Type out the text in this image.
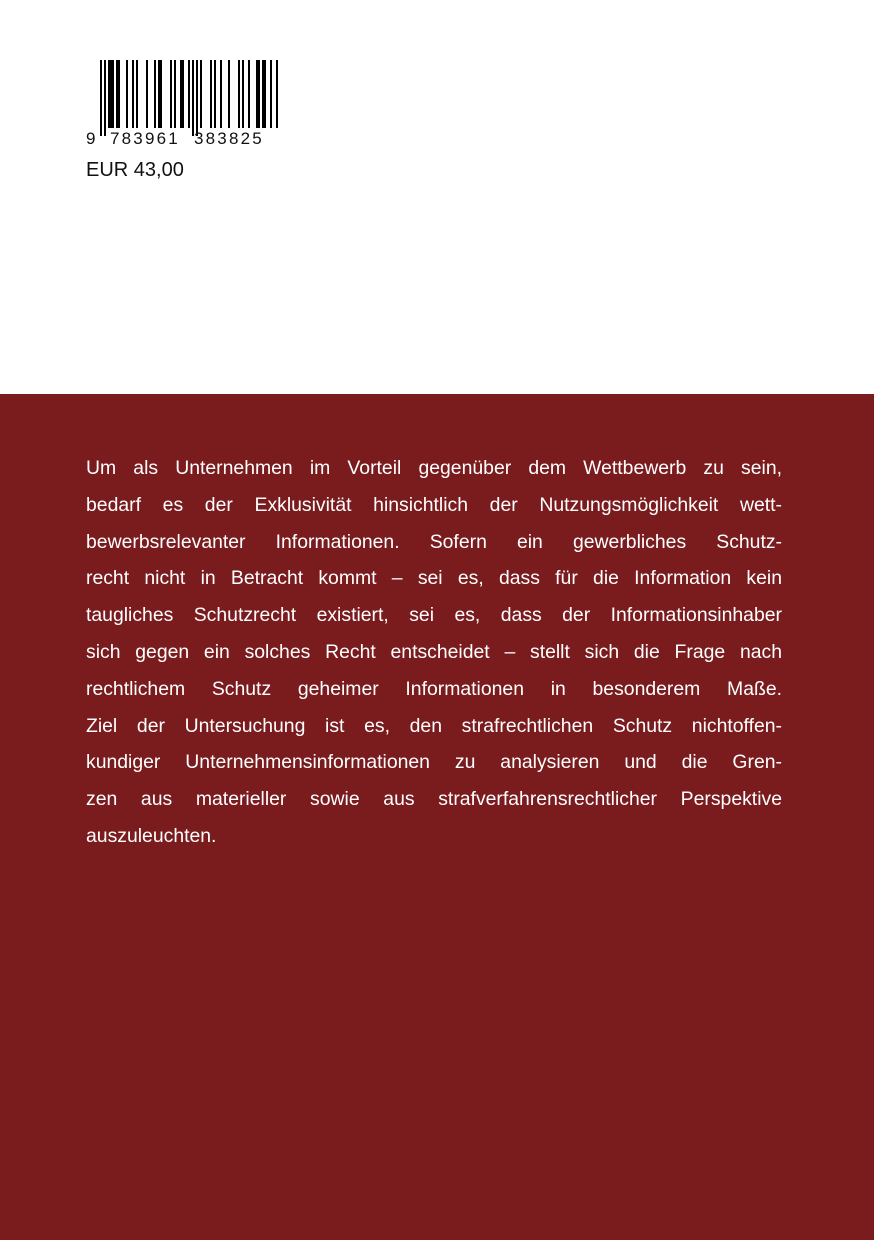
9 783961 383825
EUR 43,00
Um als Unternehmen im Vorteil gegenüber dem Wettbewerb zu sein,
bedarf es der Exklusivität hinsichtlich der Nutzungsmöglichkeit wett-
bewerbsrelevanter Informationen. Sofern ein gewerbliches Schutz-
recht nicht in Betracht kommt – sei es, dass für die Information kein
taugliches Schutzrecht existiert, sei es, dass der Informationsinhaber
sich gegen ein solches Recht entscheidet – stellt sich die Frage nach
rechtlichem Schutz geheimer Informationen in besonderem Maße.
Ziel der Untersuchung ist es, den strafrechtlichen Schutz nichtoffen-
kundiger Unternehmensinformationen zu analysieren und die Gren-
zen aus materieller sowie aus strafverfahrensrechtlicher Perspektive
auszuleuchten.
